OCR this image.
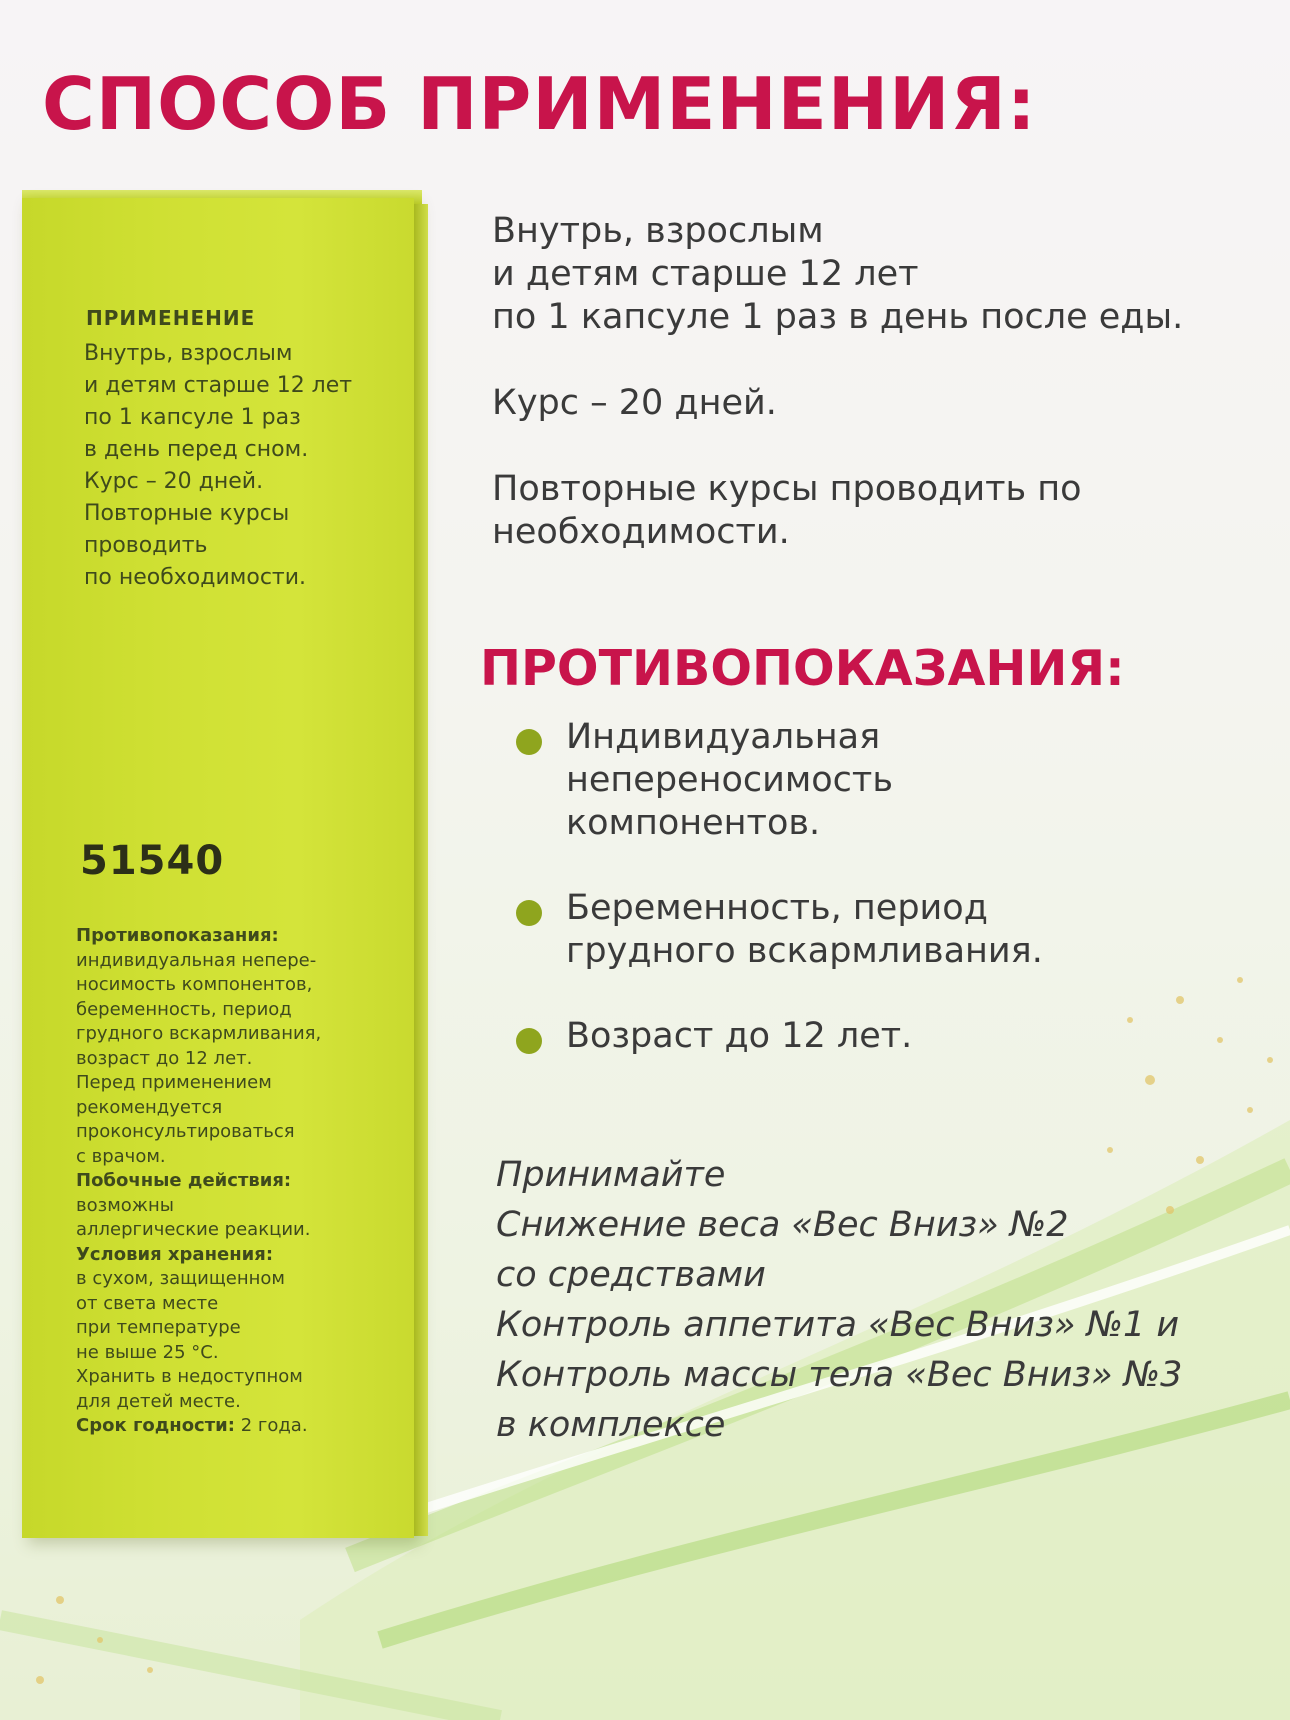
СПОСОБ ПРИМЕНЕНИЯ:
ПРИМЕНЕНИЕ
Внутрь, взрослым
и детям старше 12 лет
по 1 капсуле 1 раз
в день перед сном.
Курс – 20 дней.
Повторные курсы
проводить
по необходимости.
51540
Противопоказания:
индивидуальная непере-
носимость компонентов,
беременность, период
грудного вскармливания,
возраст до 12 лет.
Перед применением
рекомендуется
проконсультироваться
с врачом.
Побочные действия:
возможны
аллергические реакции.
Условия хранения:
в сухом, защищенном
от света месте
при температуре
не выше 25 °С.
Хранить в недоступном
для детей месте.
Срок годности: 2 года.

Внутрь, взрослым
и детям старше 12 лет
по 1 капсуле 1 раз в день после еды.

Курс – 20 дней.

Повторные курсы проводить по
необходимости.

ПРОТИВОПОКАЗАНИЯ:
Индивидуальная
непереносимость
компонентов.
Беременность, период
грудного вскармливания.
Возраст до 12 лет.

Принимайте
Снижение веса «Вес Вниз» №2
со средствами
Контроль аппетита «Вес Вниз» №1 и
Контроль массы тела «Вес Вниз» №3
в комплексе
